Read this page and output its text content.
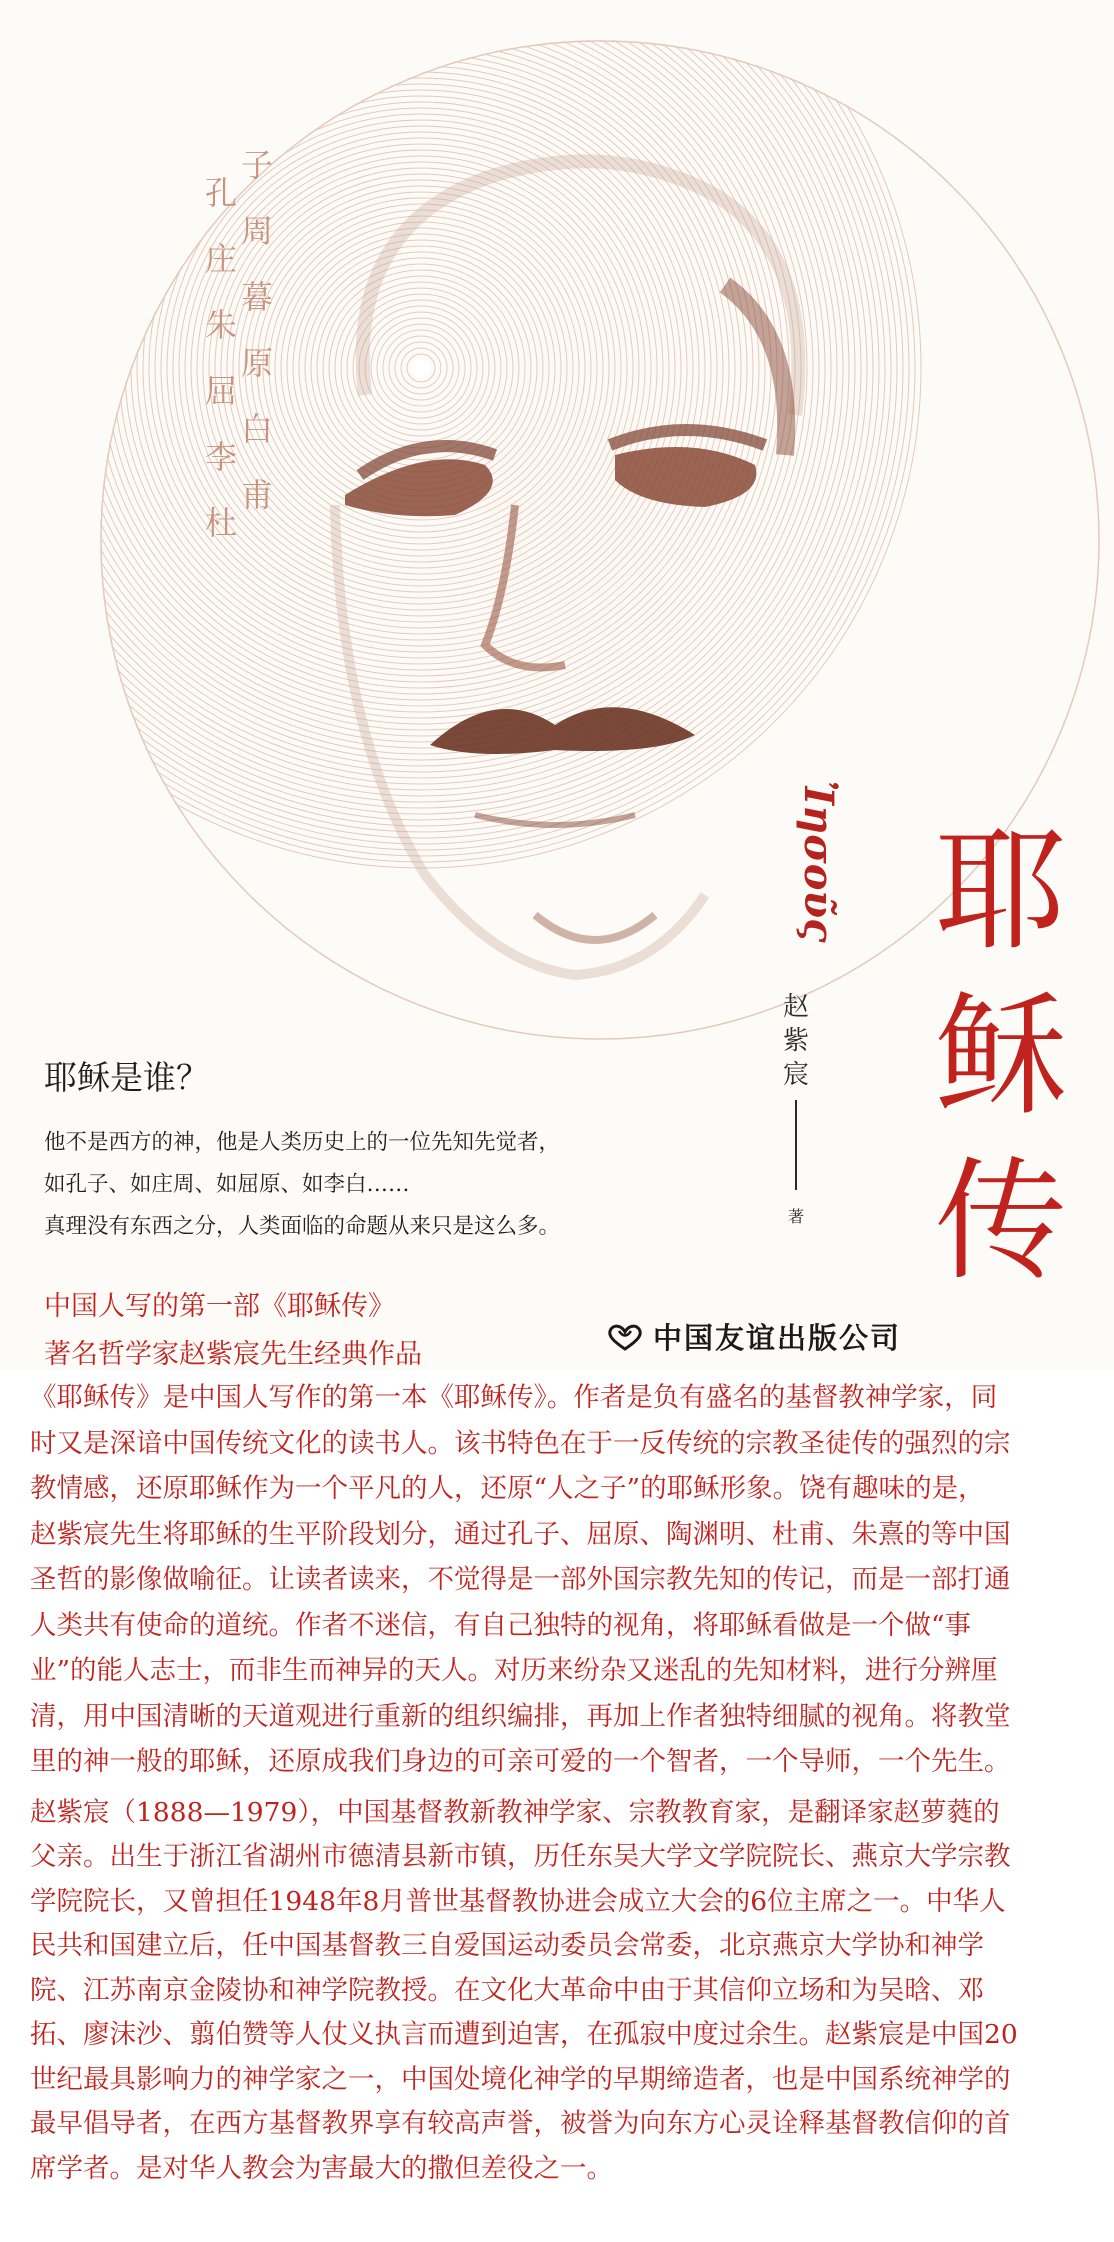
子
周
暮
原
白
甫
孔
庄
朱
屈
李
杜
Ἰησοῦς 耶
稣
传
赵
紫
宸
著
耶稣是谁？
他不是西方的神，他是人类历史上的一位先知先觉者，
如孔子、如庄周、如屈原、如李白……
真理没有东西之分，人类面临的命题从来只是这么多。
中国人写的第一部《耶稣传》
著名哲学家赵紫宸先生经典作品	中国友谊出版公司
《耶稣传》是中国人写作的第一本《耶稣传》。作者是负有盛名的基督教神学家，同
时又是深谙中国传统文化的读书人。该书特色在于一反传统的宗教圣徒传的强烈的宗
教情感，还原耶稣作为一个平凡的人，还原“人之子”的耶稣形象。饶有趣味的是，
赵紫宸先生将耶稣的生平阶段划分，通过孔子、屈原、陶渊明、杜甫、朱熹的等中国
圣哲的影像做喻征。让读者读来，不觉得是一部外国宗教先知的传记，而是一部打通
人类共有使命的道统。作者不迷信，有自己独特的视角，将耶稣看做是一个做“事
业”的能人志士，而非生而神异的天人。对历来纷杂又迷乱的先知材料，进行分辨厘
清，用中国清晰的天道观进行重新的组织编排，再加上作者独特细腻的视角。将教堂
里的神一般的耶稣，还原成我们身边的可亲可爱的一个智者，一个导师，一个先生。
赵紫宸（1888—1979），中国基督教新教神学家、宗教教育家，是翻译家赵萝蕤的
父亲。出生于浙江省湖州市德清县新市镇，历任东吴大学文学院院长、燕京大学宗教
学院院长，又曾担任1948年8月普世基督教协进会成立大会的6位主席之一。中华人
民共和国建立后，任中国基督教三自爱国运动委员会常委，北京燕京大学协和神学
院、江苏南京金陵协和神学院教授。在文化大革命中由于其信仰立场和为吴晗、邓
拓、廖沫沙、翦伯赞等人仗义执言而遭到迫害，在孤寂中度过余生。赵紫宸是中国20
世纪最具影响力的神学家之一，中国处境化神学的早期缔造者，也是中国系统神学的
最早倡导者，在西方基督教界享有较高声誉，被誉为向东方心灵诠释基督教信仰的首
席学者。是对华人教会为害最大的撒但差役之一。
